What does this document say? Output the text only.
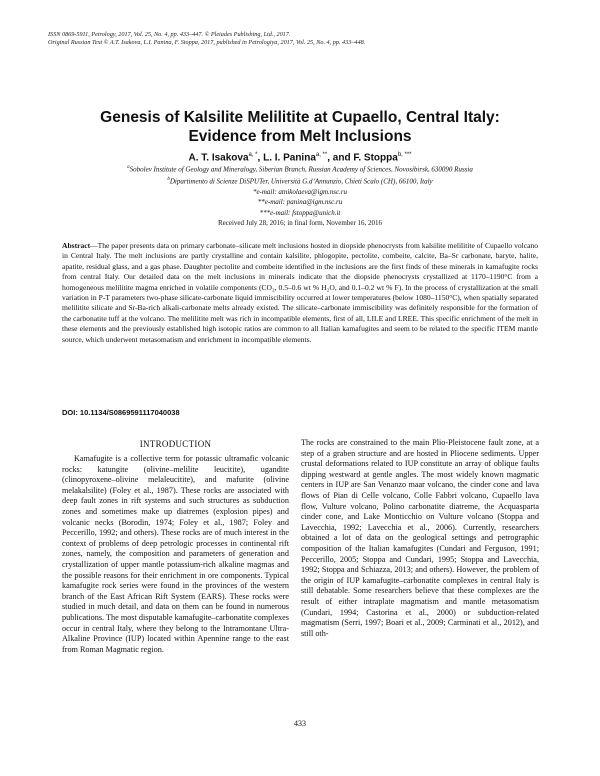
ISSN 0869-5911, Petrology, 2017, Vol. 25, No. 4, pp. 433–447. © Pleiades Publishing, Ltd., 2017.
Original Russian Text © A.T. Isakova, L.I. Panina, F. Stoppa, 2017, published in Petrologiya, 2017, Vol. 25, No. 4, pp. 433–448.
Genesis of Kalsilite Melilitite at Cupaello, Central Italy:
Evidence from Melt Inclusions
A. T. Isakova$^{a, *}$, L. I. Panina$^{a, **}$, and F. Stoppa$^{b, ***}$
$^a$Sobolev Institute of Geology and Mineralogy, Siberian Branch, Russian Academy of Sciences, Novosibirsk, 630090 Russia
$^b$Dipartimento di Scienze DiSPUTer, Università G.d’Annunzio, Chieti Scalo (CH), 66100, Italy
*e-mail: atnikolaeva@igm.nsc.ru
**e-mail: panina@igm.nsc.ru
***e-mail: fstoppa@unich.it
Received July 28, 2016; in final form, November 16, 2016
Abstract—The paper presents data on primary carbonate–silicate melt inclusions hosted in diopside phenocrysts from kalsilite melilitite of Cupaello volcano in Central Italy. The melt inclusions are partly crystalline and contain kalsilite, phlogopite, pectolite, combeite, calcite, Ba–Sr carbonate, baryte, halite, apatite, residual glass, and a gas phase. Daughter pectolite and combeite identified in the inclusions are the first finds of these minerals in kamafugite rocks from central Italy. Our detailed data on the melt inclusions in minerals indicate that the diopside phenocrysts crystallized at 1170–1190°C from a homogeneous melilitite magma enriched in volatile components (CO₂, 0.5–0.6 wt % H₂O, and 0.1–0.2 wt % F). In the process of crystallization at the small variation in P-T parameters two-phase silicate-carbonate liquid immiscibility occurred at lower temperatures (below 1080–1150°C), when spatially separated melilitite silicate and Sr-Ba-rich alkali-carbonate melts already existed. The silicate–carbonate immiscibility was definitely responsible for the formation of the carbonatite tuff at the volcano. The melilitite melt was rich in incompatible elements, first of all, LILE and LREE. This specific enrichment of the melt in these elements and the previously established high isotopic ratios are common to all Italian kamafugites and seem to be related to the specific ITEM mantle source, which underwent metasomatism and enrichment in incompatible elements.
DOI: 10.1134/S0869591117040038
INTRODUCTION

Kamafugite is a collective term for potassic ultramafic volcanic rocks: katungite (olivine–melilite leucitite), ugandite (clinopyroxene–olivine melaleucitite), and mafurite (olivine melakalsilite) (Foley et al., 1987). These rocks are associated with deep fault zones in rift systems and such structures as subduction zones and sometimes make up diatremes (explosion pipes) and volcanic necks (Borodin, 1974; Foley et al., 1987; Foley and Peccerillo, 1992; and others). These rocks are of much interest in the context of problems of deep petrologic processes in continental rift zones, namely, the composition and parameters of generation and crystallization of upper mantle potassium-rich alkaline magmas and the possible reasons for their enrichment in ore components. Typical kamafugite rock series were found in the provinces of the western branch of the East African Rift System (EARS). These rocks were studied in much detail, and data on them can be found in numerous publications. The most disputable kamafugite–carbonatite complexes occur in central Italy, where they belong to the Intramontane Ultra-Alkaline Province (IUP) located within Apennine range to the east from Roman Magmatic region.

The rocks are constrained to the main Plio-Pleistocene fault zone, at a step of a graben structure and are hosted in Pliocene sediments. Upper crustal deformations related to IUP constitute an array of oblique faults dipping westward at gentle angles. The most widely known magmatic centers in IUP are San Venanzo maar volcano, the cinder cone and lava flows of Pian di Celle volcano, Colle Fabbri volcano, Cupaello lava flow, Vulture volcano, Polino carbonatite diatreme, the Acquasparta cinder cone, and Lake Monticchio on Vulture volcano (Stoppa and Lavecchia, 1992; Lavecchia et al., 2006). Currently, researchers obtained a lot of data on the geological settings and petrographic composition of the Italian kamafugites (Cundari and Ferguson, 1991; Peccerillo, 2005; Stoppa and Cundari, 1995; Stoppa and Lavecchia, 1992; Stoppa and Schiazza, 2013; and others). However, the problem of the origin of IUP kamafugite–carbonatite complexes in central Italy is still debatable. Some researchers believe that these complexes are the result of either intraplate magmatism and mantle metasomatism (Cundari, 1994; Castorina et al., 2000) or subduction-related magmatism (Serri, 1997; Boari et al., 2009; Carminati et al., 2012), and still oth-

433
